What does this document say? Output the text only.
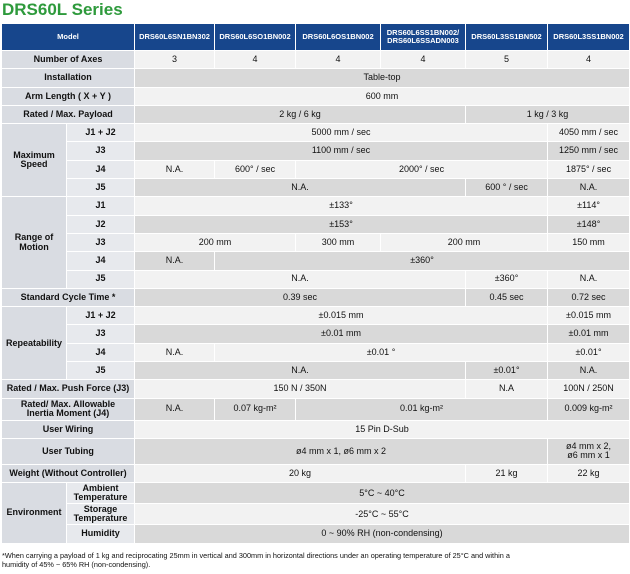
DRS60L Series
Model		DRS60L6SN1BN302	DRS60L6SO1BN002	DRS60L6OS1BN002	DRS60L6SS1BN002/
DRS60L6SSADN003	DRS60L3SS1BN502	DRS60L3SS1BN002
Number of Axes		3	4	4	4	5	4
Installation		Table-top					
Arm Length ( X + Y )		600 mm					
Rated / Max. Payload		2 kg / 6 kg				1 kg / 3 kg	
Maximum Speed	J1 + J2	5000 mm / sec					4050 mm / sec
	J3	1100 mm / sec					1250 mm / sec
	J4	N.A.	600° / sec	2000° / sec			1875° / sec
	J5	N.A.				600 ° / sec	N.A.
Range of Motion	J1	±133°					±114°
	J2	±153°					±148°
	J3	200 mm		300 mm	200 mm		150 mm
	J4	N.A.	±360°				
	J5	N.A.				±360°	N.A.
Standard Cycle Time *		0.39 sec				0.45 sec	0.72 sec
Repeatability	J1 + J2	±0.015 mm					±0.015 mm
	J3	±0.01 mm					±0.01 mm
	J4	N.A.	±0.01 °				±0.01°
	J5	N.A.				±0.01°	N.A.
Rated / Max. Push Force (J3)		150 N / 350N				N.A	100N / 250N
Rated/ Max. Allowable
Inertia Moment (J4)		N.A.	0.07 kg-m²	0.01 kg-m²			0.009 kg-m²
User Wiring		15 Pin D-Sub					
User Tubing		ø4 mm x 1, ø6 mm x 2					ø4 mm x 2,
ø6 mm x 1
Weight (Without Controller)		20 kg				21 kg	22 kg
Environment	Ambient
Temperature	5°C ~ 40°C					
	Storage
Temperature	-25°C ~ 55°C					
	Humidity	0 ~ 90% RH (non-condensing)					
*When carrying a payload of 1 kg and reciprocating 25mm in vertical and 300mm in horizontal directions under an operating temperature of 25°C and within a
humidity of 45% ~ 65% RH (non-condensing).
